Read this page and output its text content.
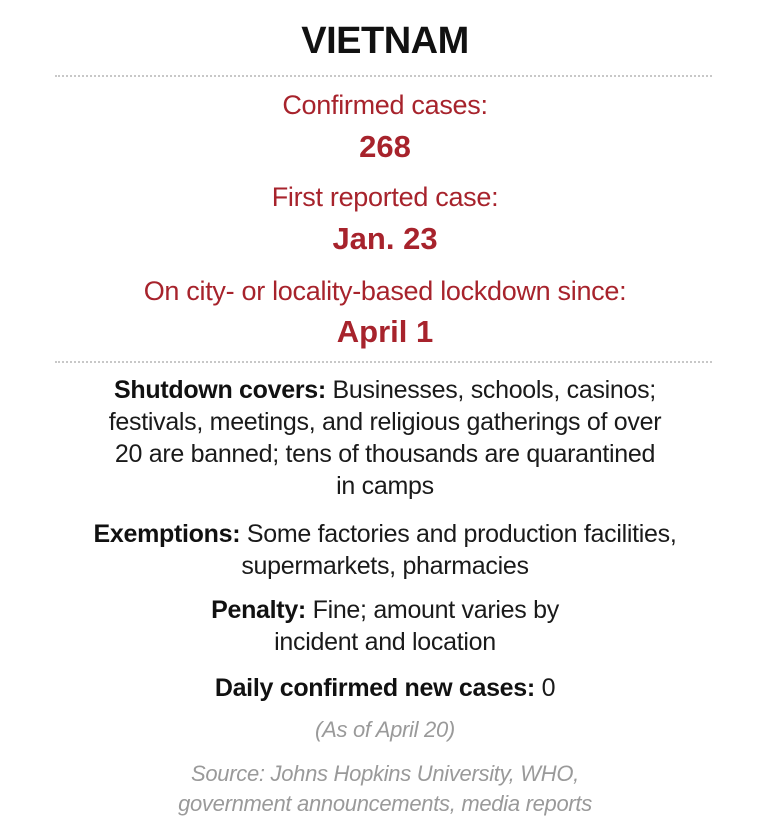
VIETNAM
Confirmed cases:
268
First reported case:
Jan. 23
On city- or locality-based lockdown since:
April 1
Shutdown covers: Businesses, schools, casinos;
festivals, meetings, and religious gatherings of over
20 are banned; tens of thousands are quarantined
in camps
Exemptions: Some factories and production facilities,
supermarkets, pharmacies
Penalty: Fine; amount varies by
incident and location
Daily confirmed new cases: 0
(As of April 20)
Source: Johns Hopkins University, WHO,
government announcements, media reports
